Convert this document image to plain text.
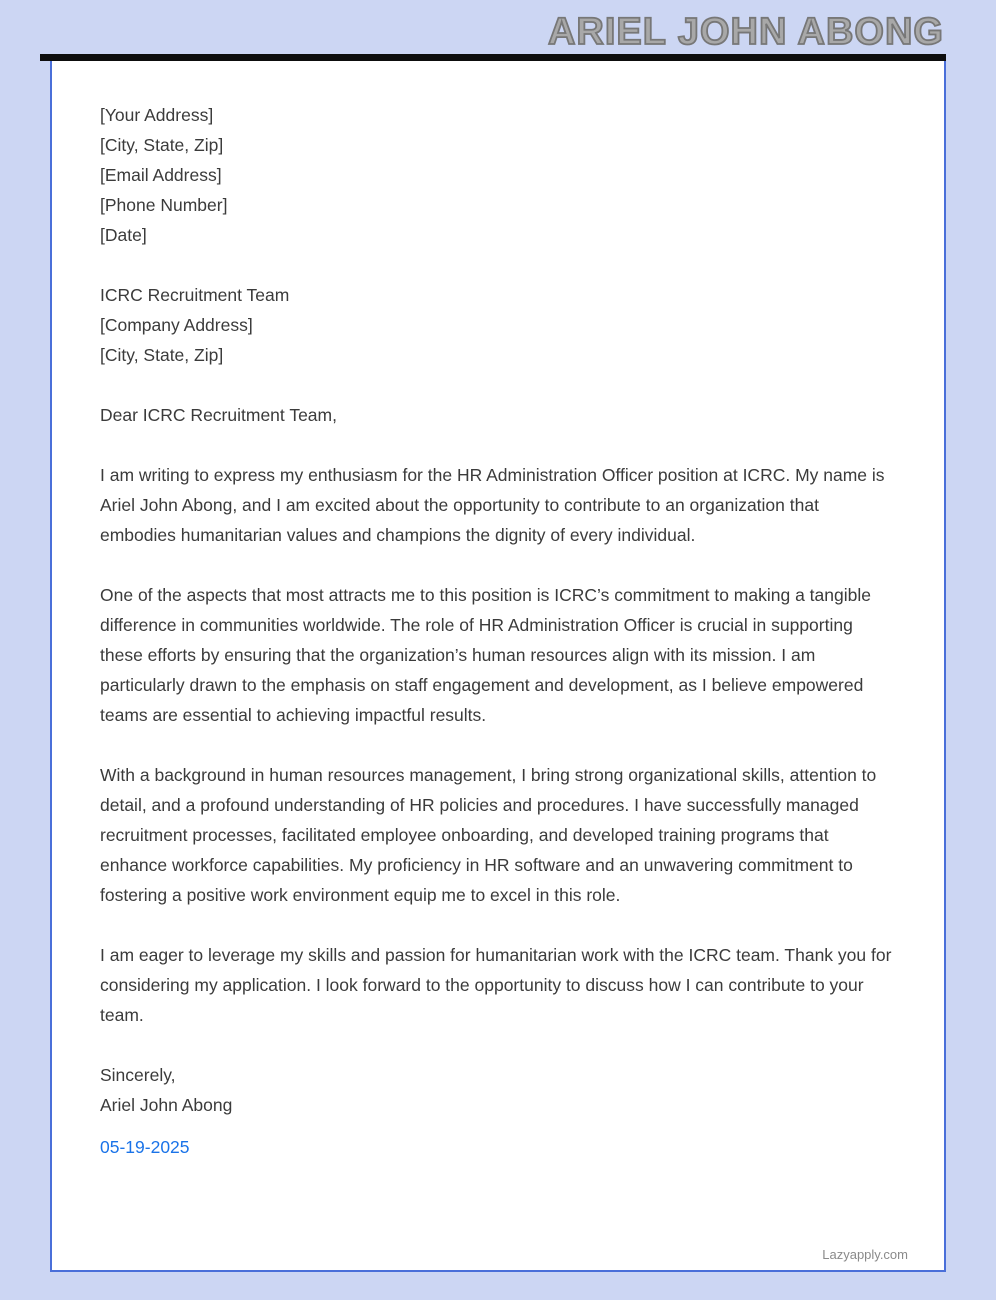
ARIEL JOHN ABONG
[Your Address]
[City, State, Zip]
[Email Address]
[Phone Number]
[Date]
ICRC Recruitment Team
[Company Address]
[City, State, Zip]

Dear ICRC Recruitment Team,

I am writing to express my enthusiasm for the HR Administration Officer position at ICRC. My name is Ariel John Abong, and I am excited about the opportunity to contribute to an organization that embodies humanitarian values and champions the dignity of every individual.

One of the aspects that most attracts me to this position is ICRC’s commitment to making a tangible difference in communities worldwide. The role of HR Administration Officer is crucial in supporting these efforts by ensuring that the organization’s human resources align with its mission. I am particularly drawn to the emphasis on staff engagement and development, as I believe empowered teams are essential to achieving impactful results.

With a background in human resources management, I bring strong organizational skills, attention to detail, and a profound understanding of HR policies and procedures. I have successfully managed recruitment processes, facilitated employee onboarding, and developed training programs that enhance workforce capabilities. My proficiency in HR software and an unwavering commitment to fostering a positive work environment equip me to excel in this role.

I am eager to leverage my skills and passion for humanitarian work with the ICRC team. Thank you for considering my application. I look forward to the opportunity to discuss how I can contribute to your team.

Sincerely,
Ariel John Abong
05-19-2025
Lazyapply.com
